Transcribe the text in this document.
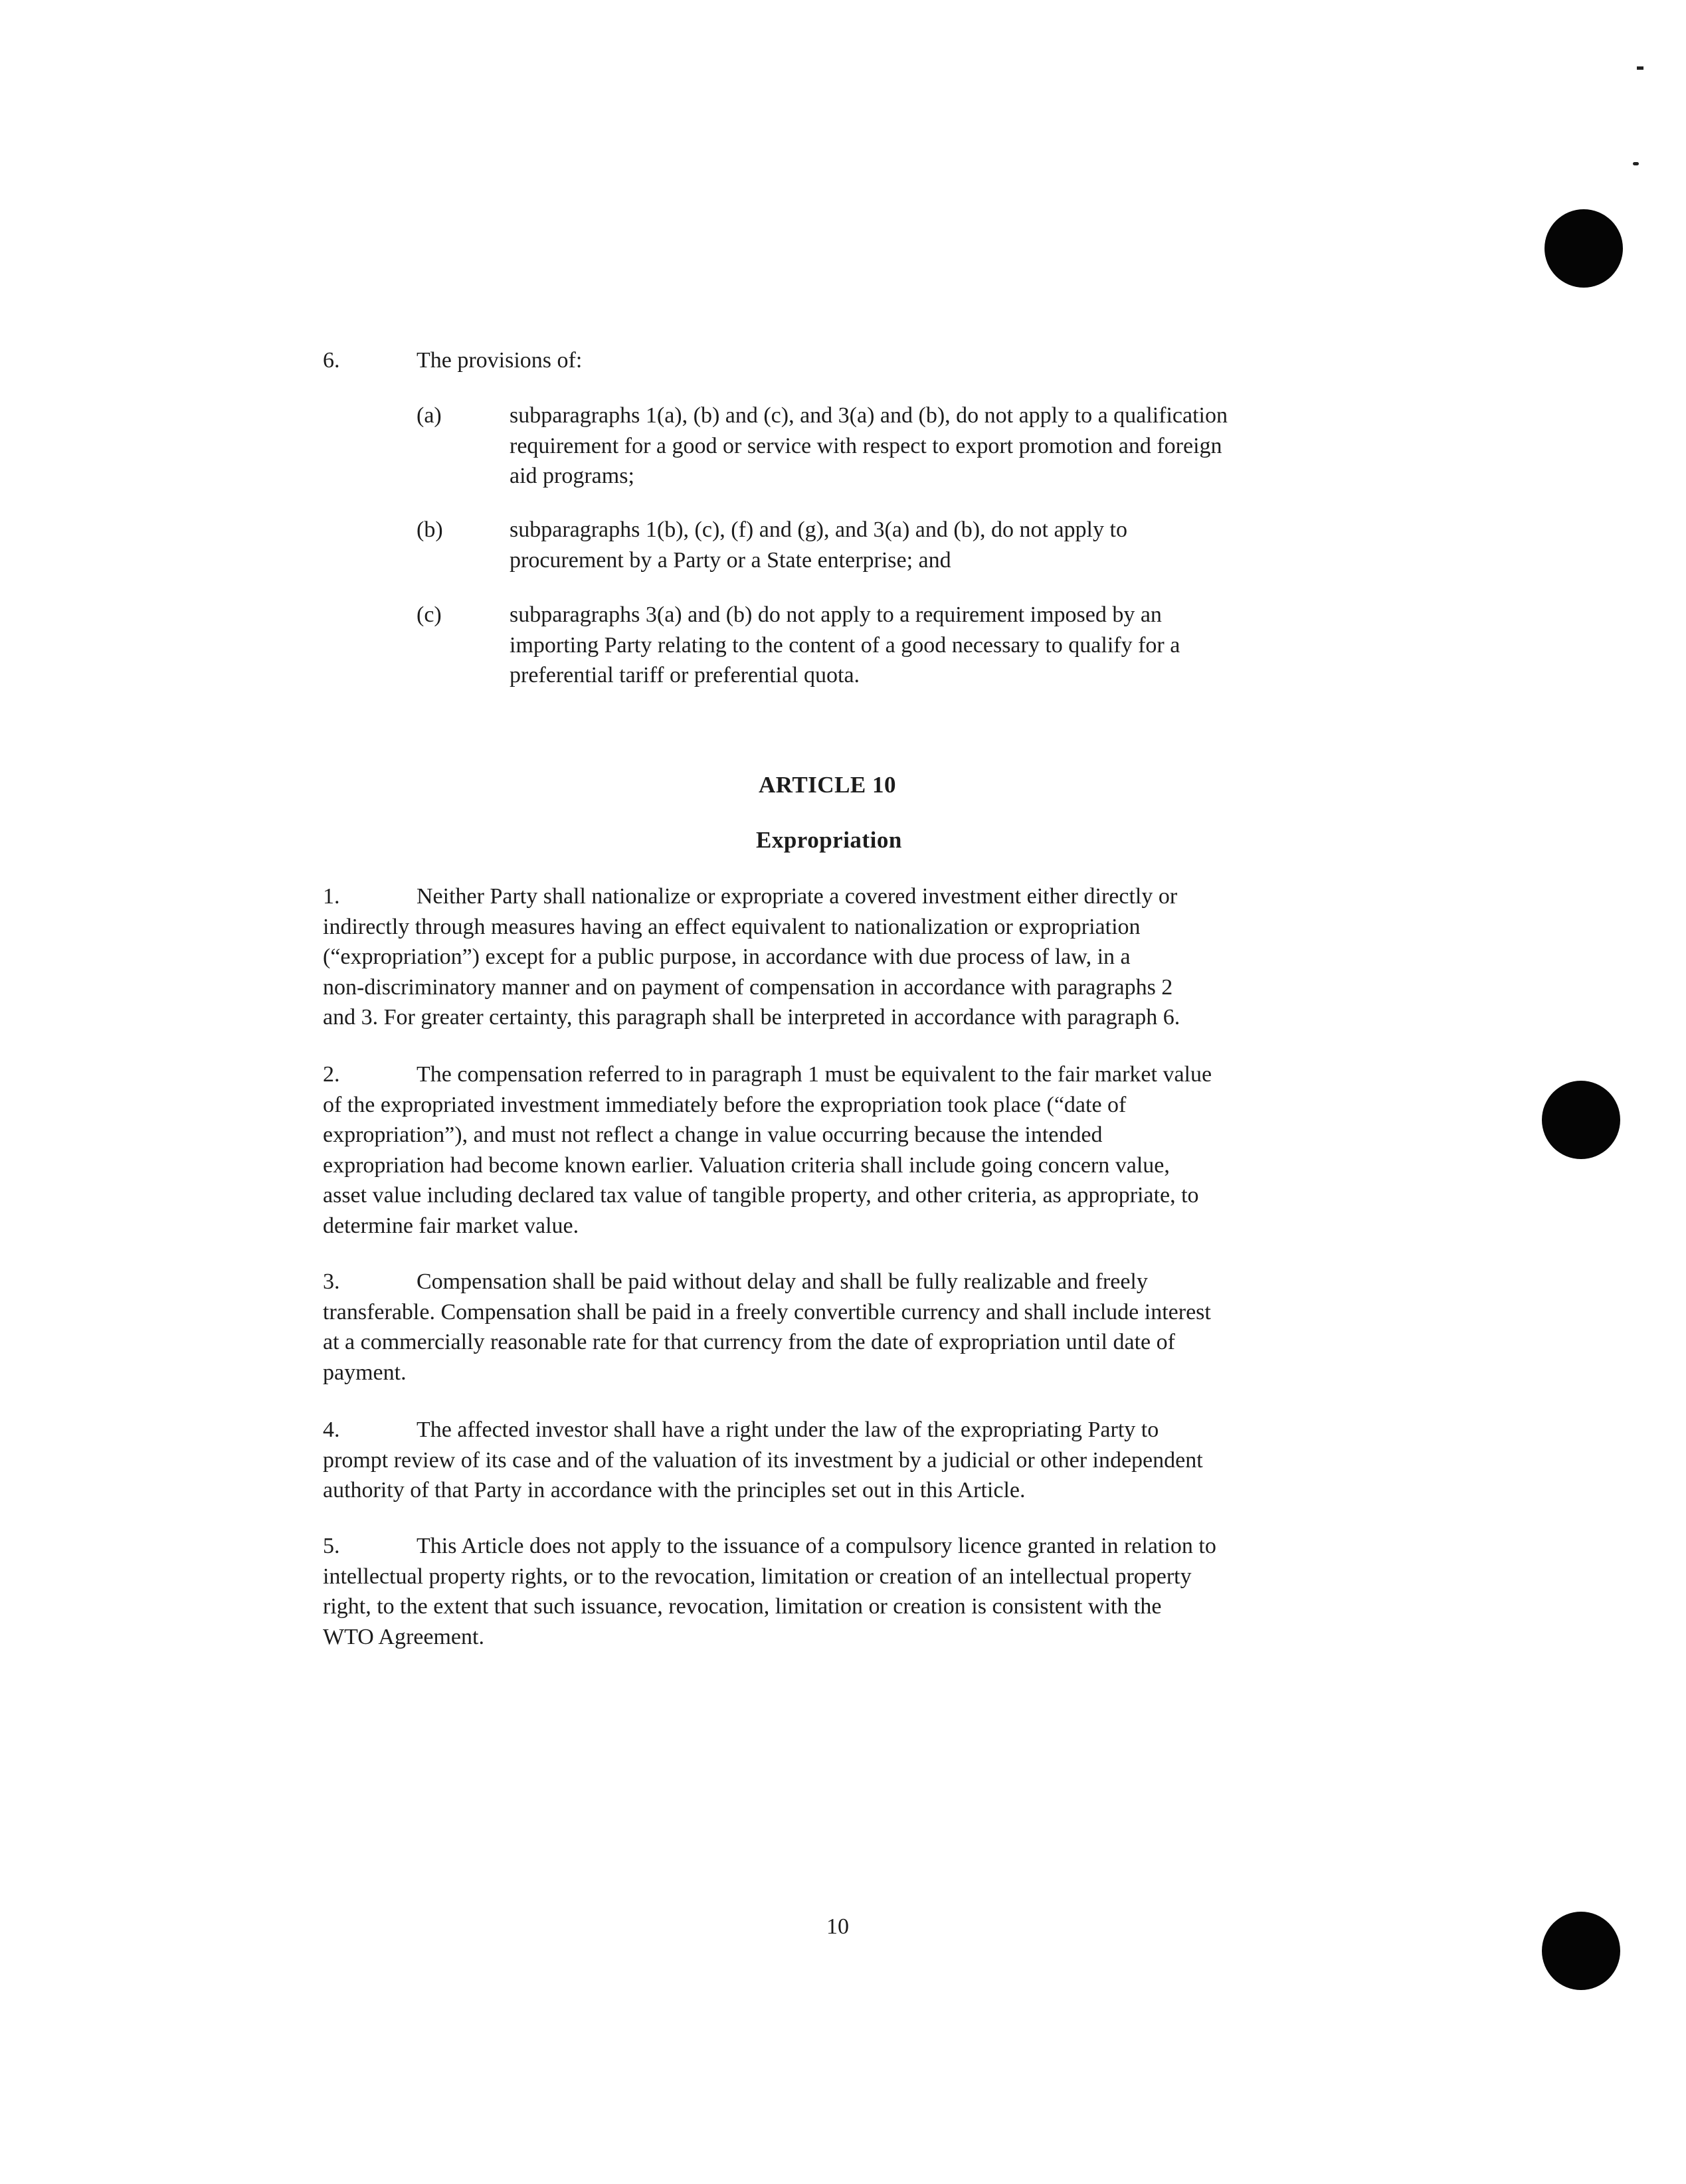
6.	The provisions of:
(a)	subparagraphs 1(a), (b) and (c), and 3(a) and (b), do not apply to a qualification
requirement for a good or service with respect to export promotion and foreign
aid programs;
(b)	subparagraphs 1(b), (c), (f) and (g), and 3(a) and (b), do not apply to
procurement by a Party or a State enterprise; and
(c)	subparagraphs 3(a) and (b) do not apply to a requirement imposed by an
importing Party relating to the content of a good necessary to qualify for a
preferential tariff or preferential quota.
ARTICLE 10
Expropriation
1.	Neither Party shall nationalize or expropriate a covered investment either directly or
indirectly through measures having an effect equivalent to nationalization or expropriation
(“expropriation”) except for a public purpose, in accordance with due process of law, in a
non-discriminatory manner and on payment of compensation in accordance with paragraphs 2
and 3. For greater certainty, this paragraph shall be interpreted in accordance with paragraph 6.
2.	The compensation referred to in paragraph 1 must be equivalent to the fair market value
of the expropriated investment immediately before the expropriation took place (“date of
expropriation”), and must not reflect a change in value occurring because the intended
expropriation had become known earlier. Valuation criteria shall include going concern value,
asset value including declared tax value of tangible property, and other criteria, as appropriate, to
determine fair market value.
3.	Compensation shall be paid without delay and shall be fully realizable and freely
transferable. Compensation shall be paid in a freely convertible currency and shall include interest
at a commercially reasonable rate for that currency from the date of expropriation until date of
payment.
4.	The affected investor shall have a right under the law of the expropriating Party to
prompt review of its case and of the valuation of its investment by a judicial or other independent
authority of that Party in accordance with the principles set out in this Article.
5.	This Article does not apply to the issuance of a compulsory licence granted in relation to
intellectual property rights, or to the revocation, limitation or creation of an intellectual property
right, to the extent that such issuance, revocation, limitation or creation is consistent with the
WTO Agreement.
10
